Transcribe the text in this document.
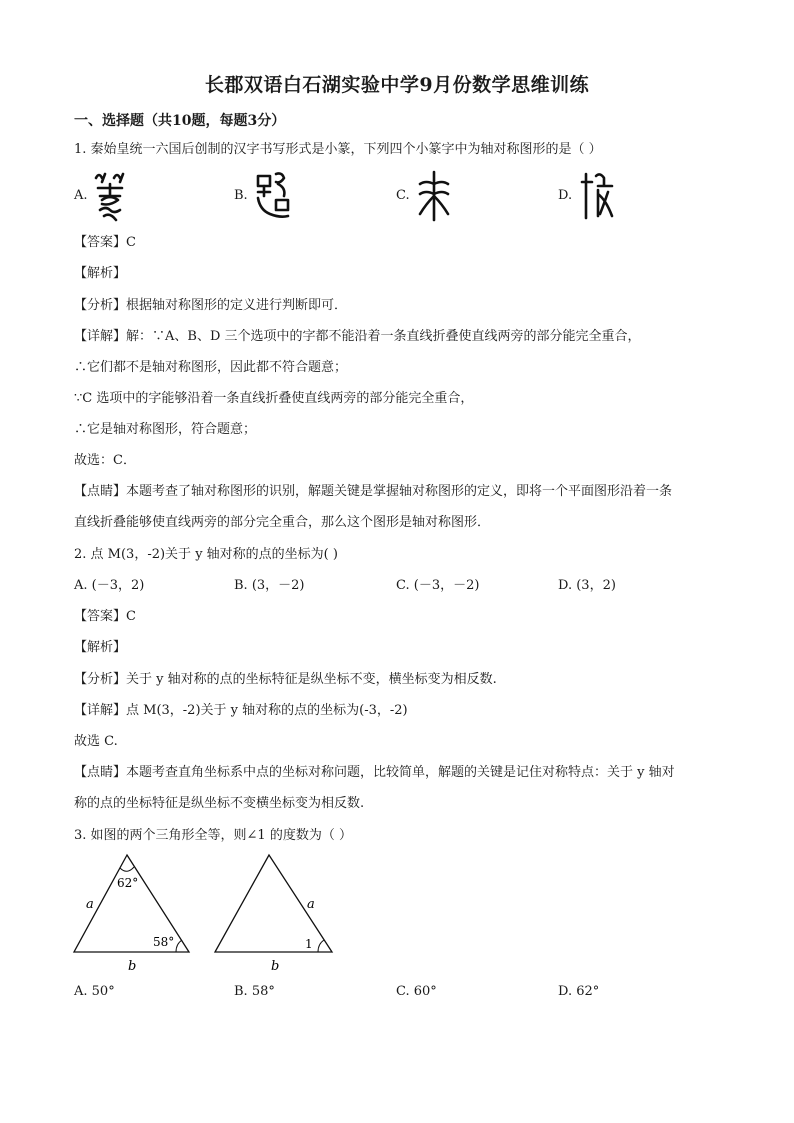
长郡双语白石湖实验中学9月份数学思维训练
一、选择题（共10题，每题3分）
1. 秦始皇统一六国后创制的汉字书写形式是小篆，下列四个小篆字中为轴对称图形的是（ ）
A.	B.	C.	D.
【答案】C
【解析】
【分析】根据轴对称图形的定义进行判断即可．
【详解】解：∵A、B、D 三个选项中的字都不能沿着一条直线折叠使直线两旁的部分能完全重合，
∴它们都不是轴对称图形，因此都不符合题意；
∵C 选项中的字能够沿着一条直线折叠使直线两旁的部分能完全重合，
∴它是轴对称图形，符合题意；
故选：C．
【点睛】本题考查了轴对称图形的识别，解题关键是掌握轴对称图形的定义，即将一个平面图形沿着一条
直线折叠能够使直线两旁的部分完全重合，那么这个图形是轴对称图形．
2. 点 M(3，-2)关于 y 轴对称的点的坐标为( )
A. (－3，2)	B. (3，－2)	C. (－3，－2)	D. (3，2)
【答案】C
【解析】
【分析】关于 y 轴对称的点的坐标特征是纵坐标不变，横坐标变为相反数.
【详解】点 M(3，-2)关于 y 轴对称的点的坐标为(-3，-2)
故选 C.
【点睛】本题考查直角坐标系中点的坐标对称问题，比较简单，解题的关键是记住对称特点：关于 y 轴对
称的点的坐标特征是纵坐标不变横坐标变为相反数.
3. 如图的两个三角形全等，则∠1 的度数为（ ）
62°
58°
a
b
1
a
b
A. 50°	B. 58°	C. 60°	D. 62°
